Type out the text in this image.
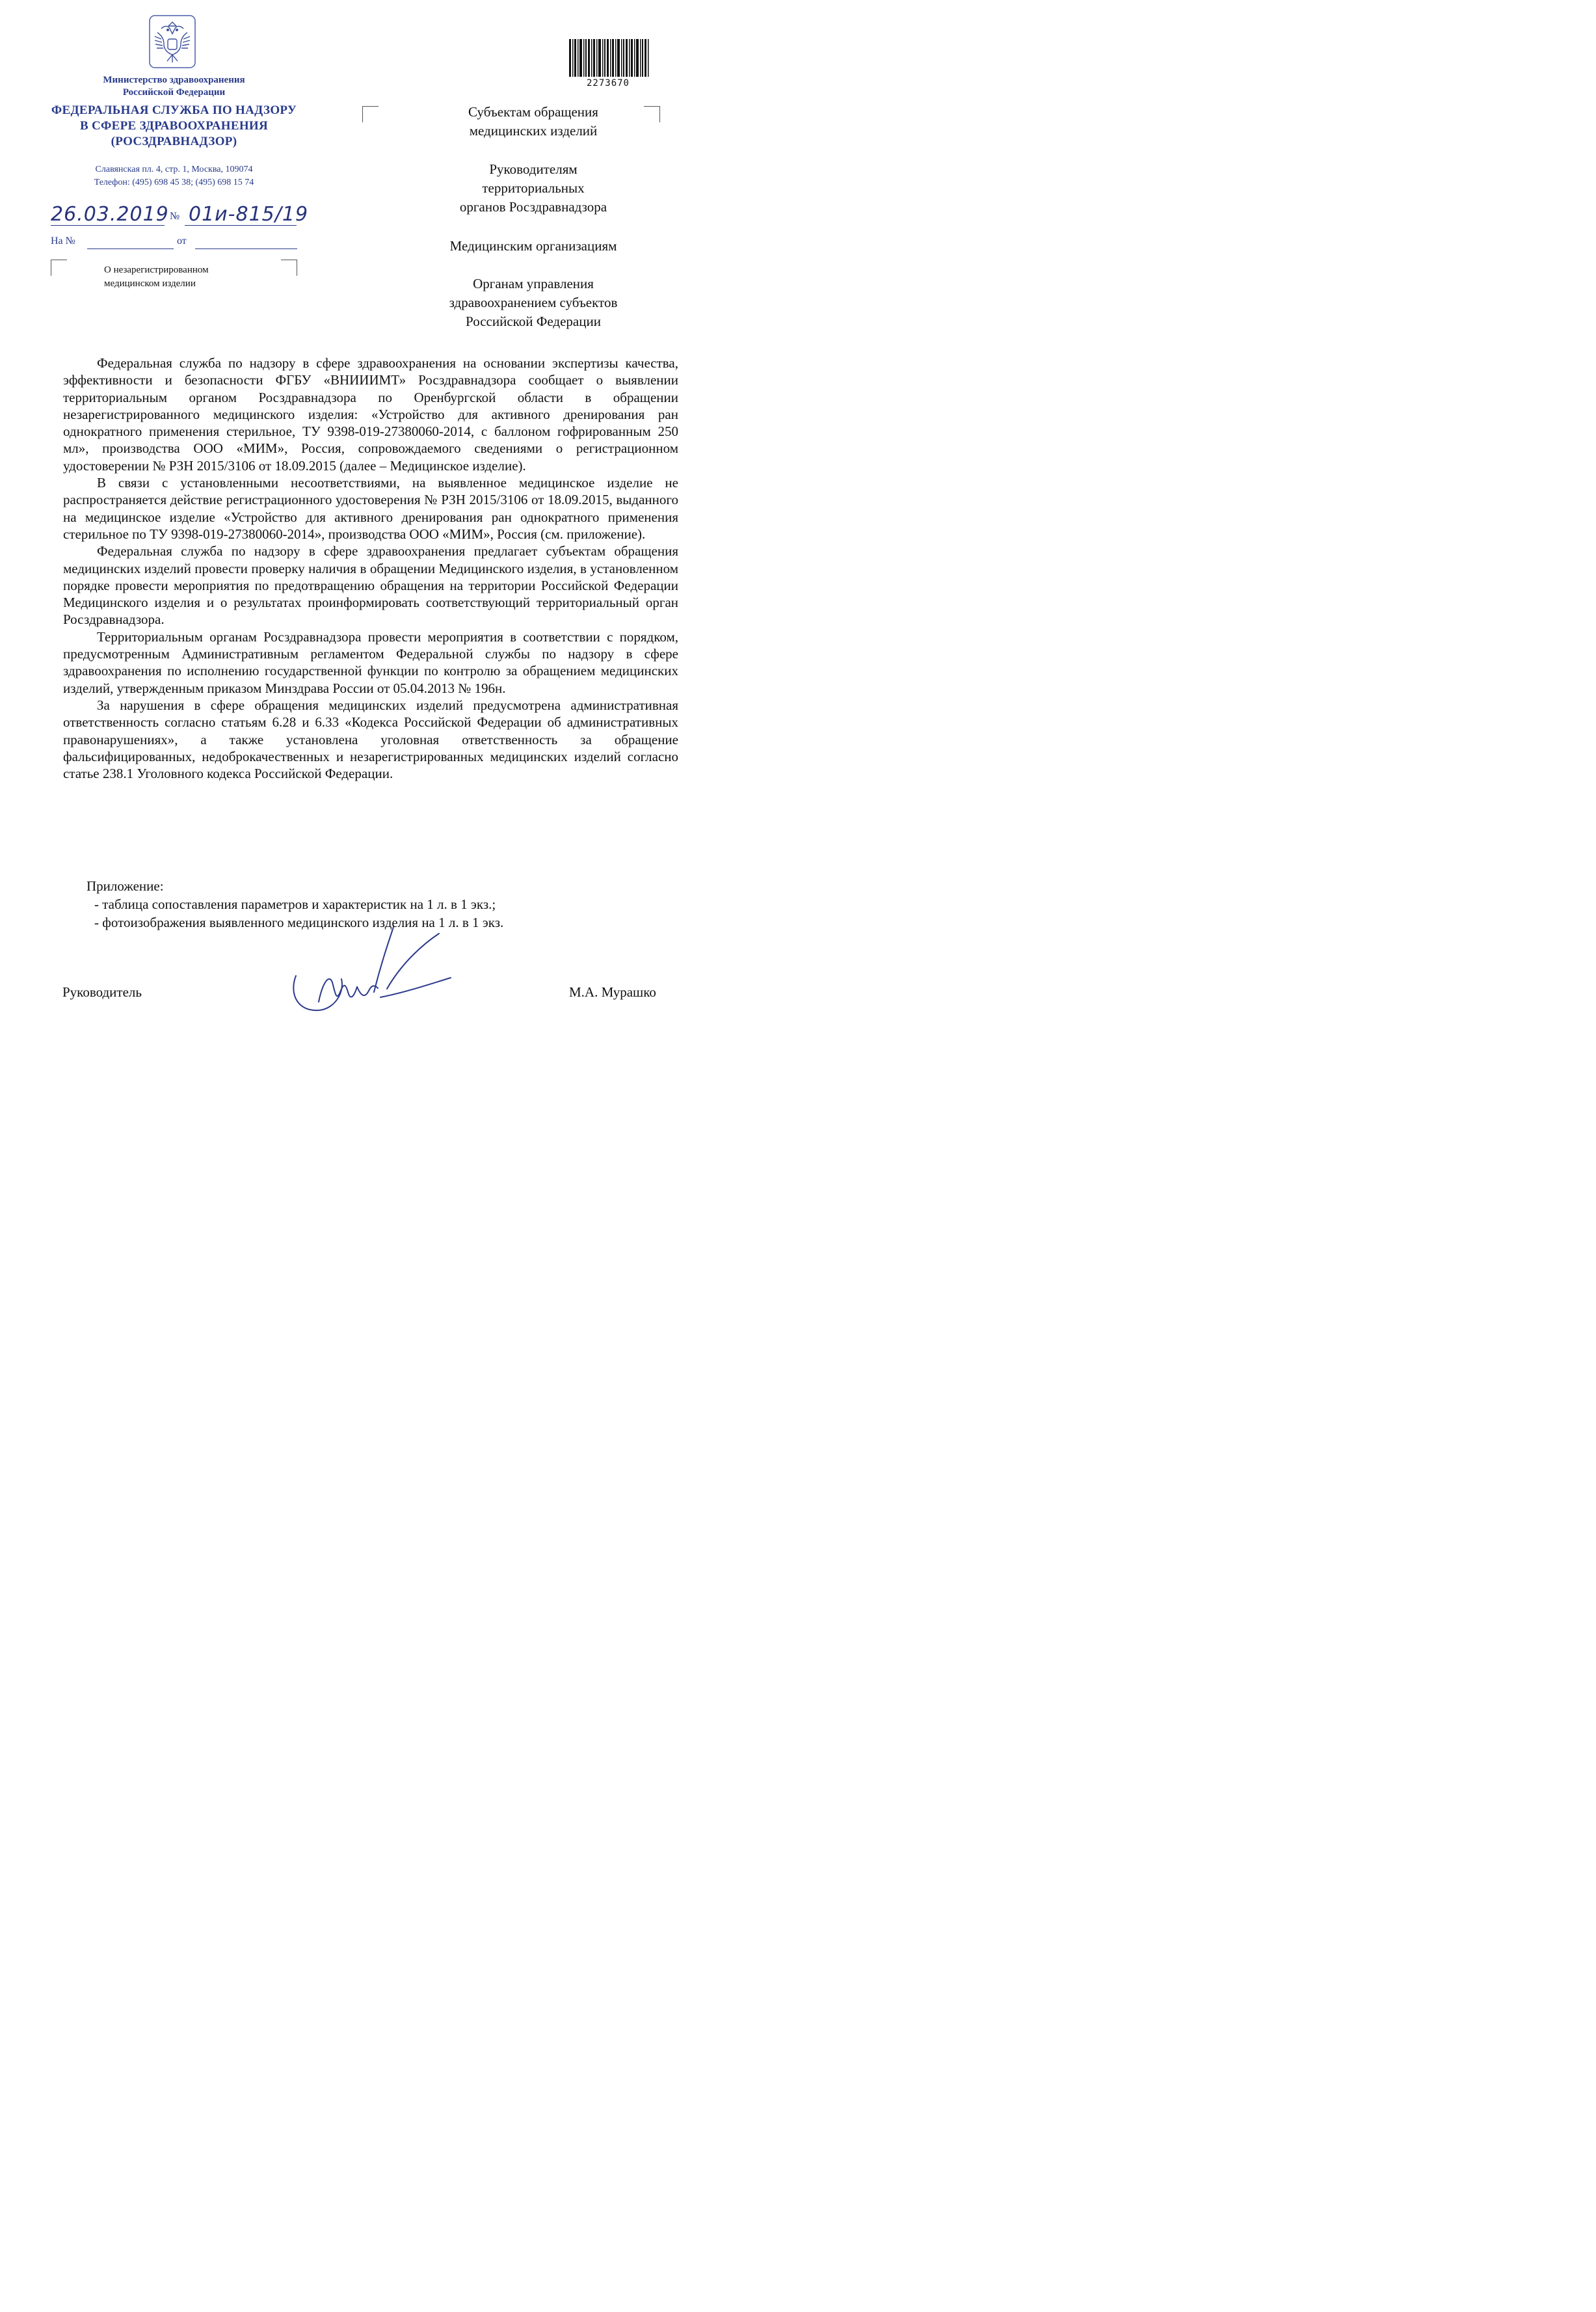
Министерство здравоохранения
Российской Федерации
ФЕДЕРАЛЬНАЯ СЛУЖБА ПО НАДЗОРУ
В СФЕРЕ ЗДРАВООХРАНЕНИЯ
(РОСЗДРАВНАДЗОР)
Славянская пл. 4, стр. 1, Москва, 109074
Телефон: (495) 698 45 38; (495) 698 15 74
26.03.2019 № 01и-815/19
На №	от
О незарегистрированном
медицинском изделии
2273670
Субъектам обращения
медицинских изделий
Руководителям
территориальных
органов Росздравнадзора
Медицинским организациям
Органам управления
здравоохранением субъектов
Российской Федерации

Федеральная служба по надзору в сфере здравоохранения на основании экспертизы качества, эффективности и безопасности ФГБУ «ВНИИИМТ» Росздравнадзора сообщает о выявлении территориальным органом Росздравнадзора по Оренбургской области в обращении незарегистрированного медицинского изделия: «Устройство для активного дренирования ран однократного применения стерильное, ТУ 9398-019-27380060-2014, с баллоном гофрированным 250 мл», производства ООО «МИМ», Россия, сопровождаемого сведениями о регистрационном удостоверении № РЗН 2015/3106 от 18.09.2015 (далее – Медицинское изделие).

В связи с установленными несоответствиями, на выявленное медицинское изделие не распространяется действие регистрационного удостоверения № РЗН 2015/3106 от 18.09.2015, выданного на медицинское изделие «Устройство для активного дренирования ран однократного применения стерильное по ТУ 9398-019-27380060-2014», производства ООО «МИМ», Россия (см. приложение).

Федеральная служба по надзору в сфере здравоохранения предлагает субъектам обращения медицинских изделий провести проверку наличия в обращении Медицинского изделия, в установленном порядке провести мероприятия по предотвращению обращения на территории Российской Федерации Медицинского изделия и о результатах проинформировать соответствующий территориальный орган Росздравнадзора.

Территориальным органам Росздравнадзора провести мероприятия в соответствии с порядком, предусмотренным Административным регламентом Федеральной службы по надзору в сфере здравоохранения по исполнению государственной функции по контролю за обращением медицинских изделий, утвержденным приказом Минздрава России от 05.04.2013 № 196н.

За нарушения в сфере обращения медицинских изделий предусмотрена административная ответственность согласно статьям 6.28 и 6.33 «Кодекса Российской Федерации об административных правонарушениях», а также установлена уголовная ответственность за обращение фальсифицированных, недоброкачественных и незарегистрированных медицинских изделий согласно статье 238.1 Уголовного кодекса Российской Федерации.

Приложение:
- таблица сопоставления параметров и характеристик на 1 л. в 1 экз.;
- фотоизображения выявленного медицинского изделия на 1 л. в 1 экз.
Руководитель	М.А. Мурашко
